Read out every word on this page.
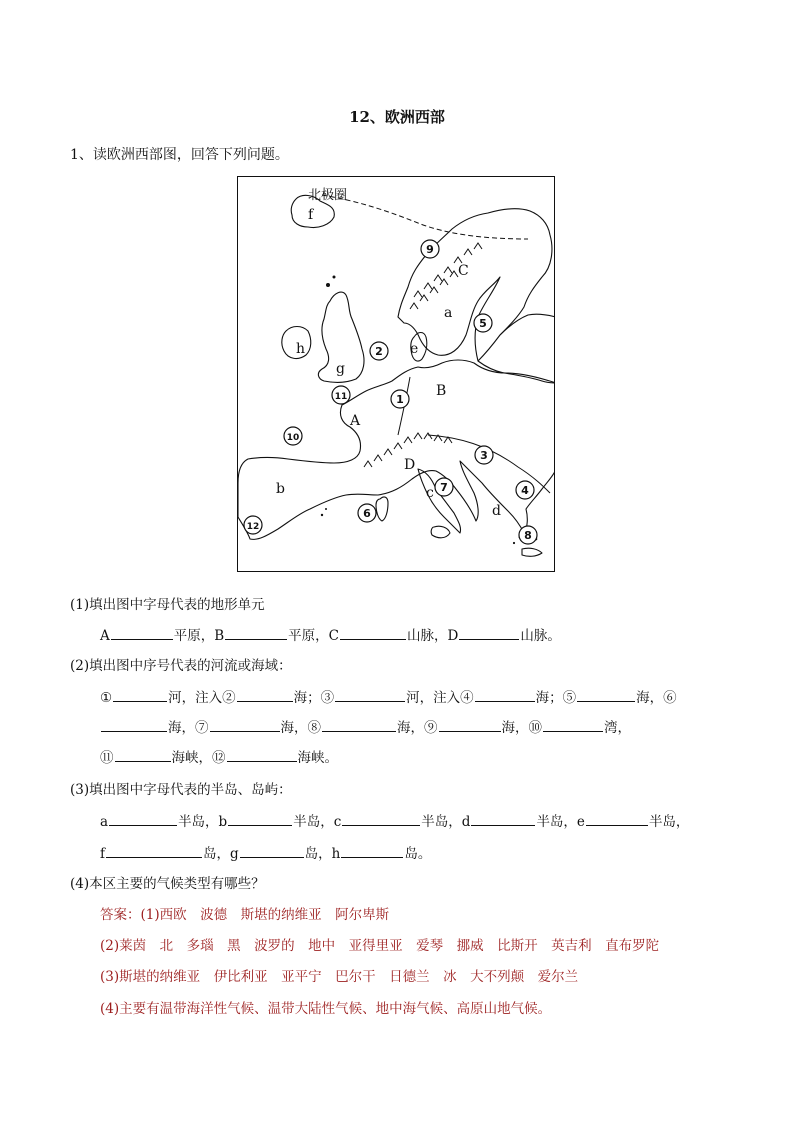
12、欧洲西部
1、读欧洲西部图，回答下列问题。
北极圈
A
B
C
D
a
b	c
d
e
f
g
h
1
2
3
4
5
6
7
8
9
10
11
12
(1)填出图中字母代表的地形单元
A	平原，B	平原，C	山脉，D	山脉。
(2)填出图中序号代表的河流或海域：
①	河，注入②	海；③	河，注入④	海；⑤	海，⑥
海，⑦	海，⑧	海，⑨	海，⑩	湾，
⑪	海峡，⑫	海峡。
(3)填出图中字母代表的半岛、岛屿：
a	半岛，b	半岛，c	半岛，d	半岛，e	半岛，
f	岛，g	岛，h	岛。
(4)本区主要的气候类型有哪些？
答案：(1)西欧　波德　斯堪的纳维亚　阿尔卑斯
(2)莱茵　北　多瑙　黑　波罗的　地中　亚得里亚　爱琴　挪威　比斯开　英吉利　直布罗陀
(3)斯堪的纳维亚　伊比利亚　亚平宁　巴尔干　日德兰　冰　大不列颠　爱尔兰
(4)主要有温带海洋性气候、温带大陆性气候、地中海气候、高原山地气候。
